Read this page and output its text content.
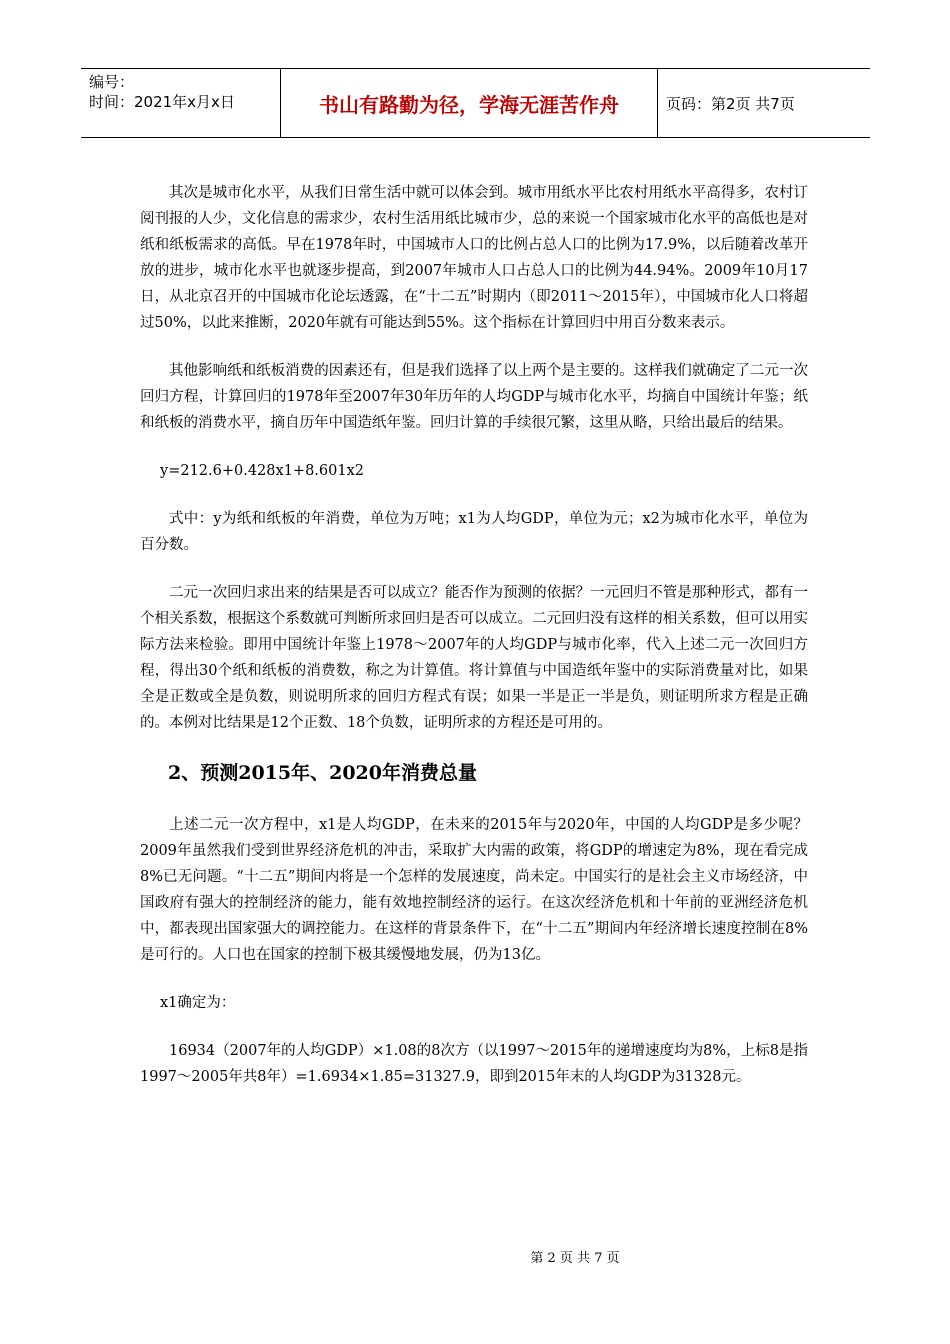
编号：
时间：2021年x月x日	书山有路勤为径，学海无涯苦作舟	页码：第2页 共7页

其次是城市化水平，从我们日常生活中就可以体会到。城市用纸水平比农村用纸水平高得多，农村订阅刊报的人少，文化信息的需求少，农村生活用纸比城市少，总的来说一个国家城市化水平的高低也是对纸和纸板需求的高低。早在1978年时，中国城市人口的比例占总人口的比例为17.9%，以后随着改革开放的进步，城市化水平也就逐步提高，到2007年城市人口占总人口的比例为44.94%。2009年10月17日，从北京召开的中国城市化论坛透露，在“十二五”时期内（即2011～2015年），中国城市化人口将超过50%，以此来推断，2020年就有可能达到55%。这个指标在计算回归中用百分数来表示。

其他影响纸和纸板消费的因素还有，但是我们选择了以上两个是主要的。这样我们就确定了二元一次回归方程，计算回归的1978年至2007年30年历年的人均GDP与城市化水平，均摘自中国统计年鉴；纸和纸板的消费水平，摘自历年中国造纸年鉴。回归计算的手续很冗繁，这里从略，只给出最后的结果。

y=212.6+0.428x1+8.601x2

式中：y为纸和纸板的年消费，单位为万吨；x1为人均GDP，单位为元；x2为城市化水平，单位为百分数。

二元一次回归求出来的结果是否可以成立？能否作为预测的依据？一元回归不管是那种形式，都有一个相关系数，根据这个系数就可判断所求回归是否可以成立。二元回归没有这样的相关系数，但可以用实际方法来检验。即用中国统计年鉴上1978～2007年的人均GDP与城市化率，代入上述二元一次回归方程，得出30个纸和纸板的消费数，称之为计算值。将计算值与中国造纸年鉴中的实际消费量对比，如果全是正数或全是负数，则说明所求的回归方程式有误；如果一半是正一半是负，则证明所求方程是正确的。本例对比结果是12个正数、18个负数，证明所求的方程还是可用的。

2、预测2015年、2020年消费总量

上述二元一次方程中，x1是人均GDP，在未来的2015年与2020年，中国的人均GDP是多少呢？2009年虽然我们受到世界经济危机的冲击，采取扩大内需的政策，将GDP的增速定为8%，现在看完成8%已无问题。“十二五”期间内将是一个怎样的发展速度，尚未定。中国实行的是社会主义市场经济，中国政府有强大的控制经济的能力，能有效地控制经济的运行。在这次经济危机和十年前的亚洲经济危机中，都表现出国家强大的调控能力。在这样的背景条件下，在“十二五”期间内年经济增长速度控制在8%是可行的。人口也在国家的控制下极其缓慢地发展，仍为13亿。

x1确定为：

16934（2007年的人均GDP）×1.08的8次方（以1997～2015年的递增速度均为8%，上标8是指1997～2005年共8年）=1.6934×1.85=31327.9，即到2015年末的人均GDP为31328元。

第 2 页 共 7 页
